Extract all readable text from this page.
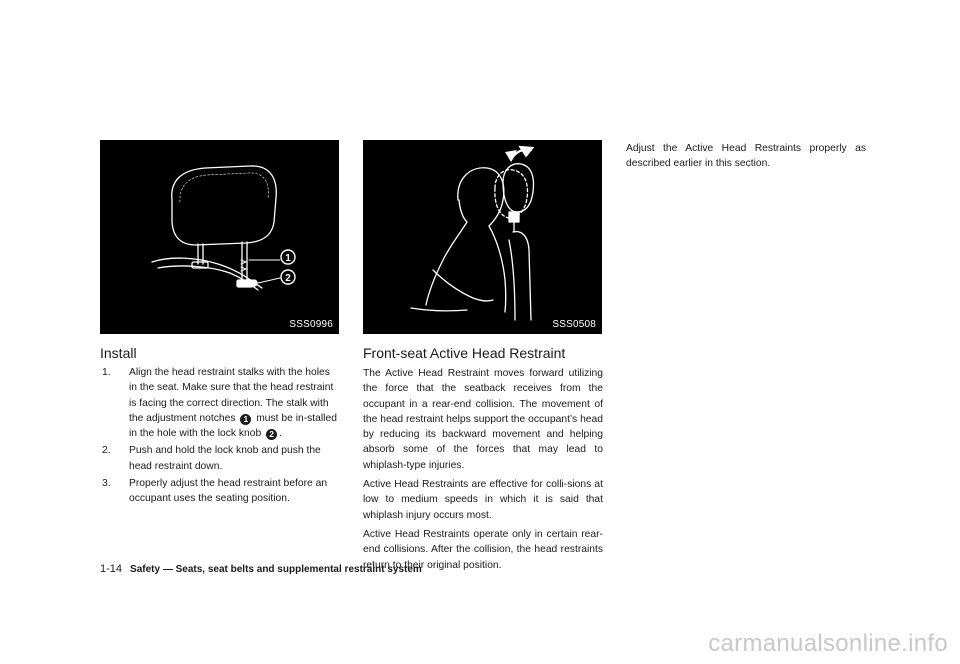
1
2
SSS0996	SSS0508
Install
1. Align the head restraint stalks with the holes in the seat. Make sure that the head restraint is facing the correct direction. The stalk with the adjustment notches 1 must be in-stalled in the hole with the lock knob 2 .
2. Push and hold the lock knob and push the head restraint down.
3. Properly adjust the head restraint before an occupant uses the seating position.
Front-seat Active Head Restraint

The Active Head Restraint moves forward utilizing the force that the seatback receives from the occupant in a rear-end collision. The movement of the head restraint helps support the occupant’s head by reducing its backward movement and helping absorb some of the forces that may lead to whiplash-type injuries.

Active Head Restraints are effective for colli-sions at low to medium speeds in which it is said that whiplash injury occurs most.

Active Head Restraints operate only in certain rear-end collisions. After the collision, the head restraints return to their original position.

Adjust the Active Head Restraints properly as described earlier in this section.

1-14 Safety — Seats, seat belts and supplemental restraint system
carmanualsonline.info
